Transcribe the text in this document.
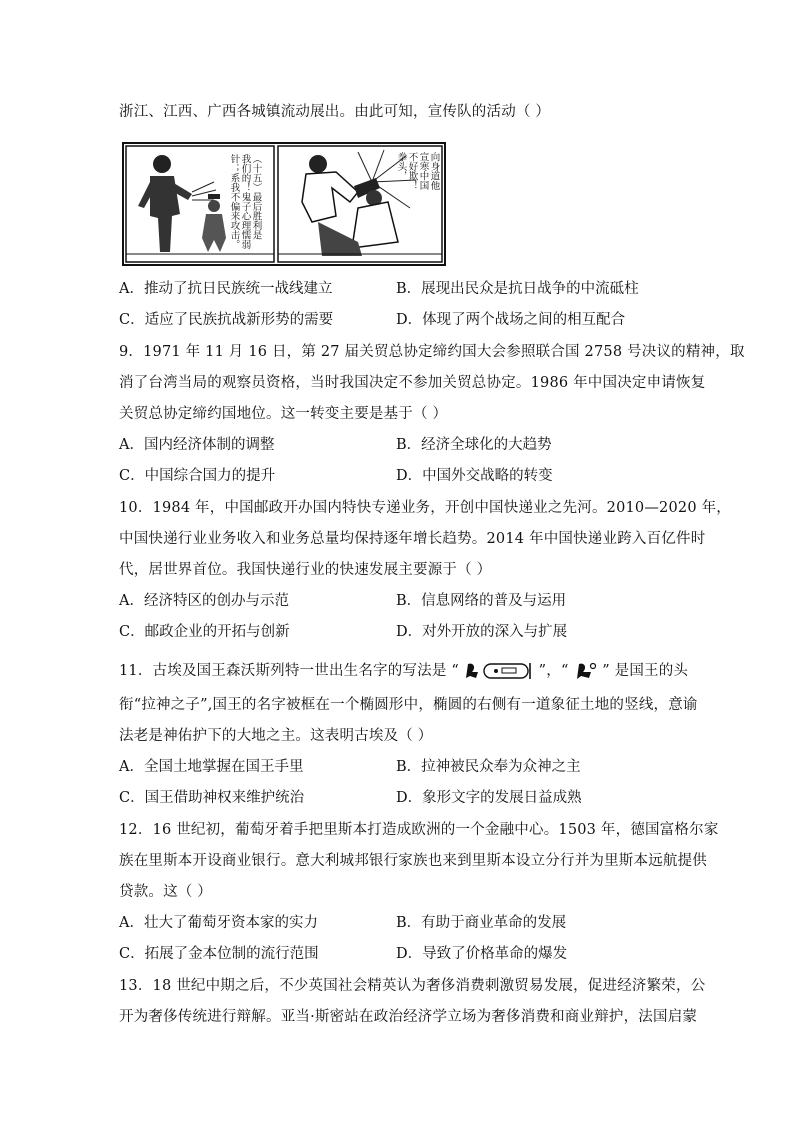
浙江、江西、广西各城镇流动展出。由此可知，宣传队的活动（ ）
（十五）最后胜利是
我们的！鬼子心理懦弱
针；系我不偏来攻击。	向身道他
宣寒中国
不好欺！
拳头，
A．推动了抗日民族统一战线建立	B．展现出民众是抗日战争的中流砥柱
C．适应了民族抗战新形势的需要	D．体现了两个战场之间的相互配合
9．1971 年 11 月 16 日，第 27 届关贸总协定缔约国大会参照联合国 2758 号决议的精神，取
消了台湾当局的观察员资格，当时我国决定不参加关贸总协定。1986 年中国决定申请恢复
关贸总协定缔约国地位。这一转变主要是基于（ ）
A．国内经济体制的调整	B．经济全球化的大趋势
C．中国综合国力的提升	D．中国外交战略的转变
10．1984 年，中国邮政开办国内特快专递业务，开创中国快递业之先河。2010—2020 年，
中国快递行业业务收入和业务总量均保持逐年增长趋势。2014 年中国快递业跨入百亿件时
代，居世界首位。我国快递行业的快速发展主要源于（ ）
A．经济特区的创办与示范	B．信息网络的普及与运用
C．邮政企业的开拓与创新	D．对外开放的深入与扩展
11．古埃及国王森沃斯列特一世出生名字的写法是 “	”，“ ” 是国王的头
衔“拉神之子”,国王的名字被框在一个椭圆形中，椭圆的右侧有一道象征土地的竖线，意谕
法老是神佑护下的大地之主。这表明古埃及（ ）
A．全国土地掌握在国王手里	B．拉神被民众奉为众神之主
C．国王借助神权来维护统治	D．象形文字的发展日益成熟
12．16 世纪初，葡萄牙着手把里斯本打造成欧洲的一个金融中心。1503 年，德国富格尔家
族在里斯本开设商业银行。意大利城邦银行家族也来到里斯本设立分行并为里斯本远航提供
贷款。这（ ）
A．壮大了葡萄牙资本家的实力	B．有助于商业革命的发展
C．拓展了金本位制的流行范围	D．导致了价格革命的爆发
13．18 世纪中期之后，不少英国社会精英认为奢侈消费刺激贸易发展，促进经济繁荣，公
开为奢侈传统进行辩解。亚当·斯密站在政治经济学立场为奢侈消费和商业辩护，法国启蒙
